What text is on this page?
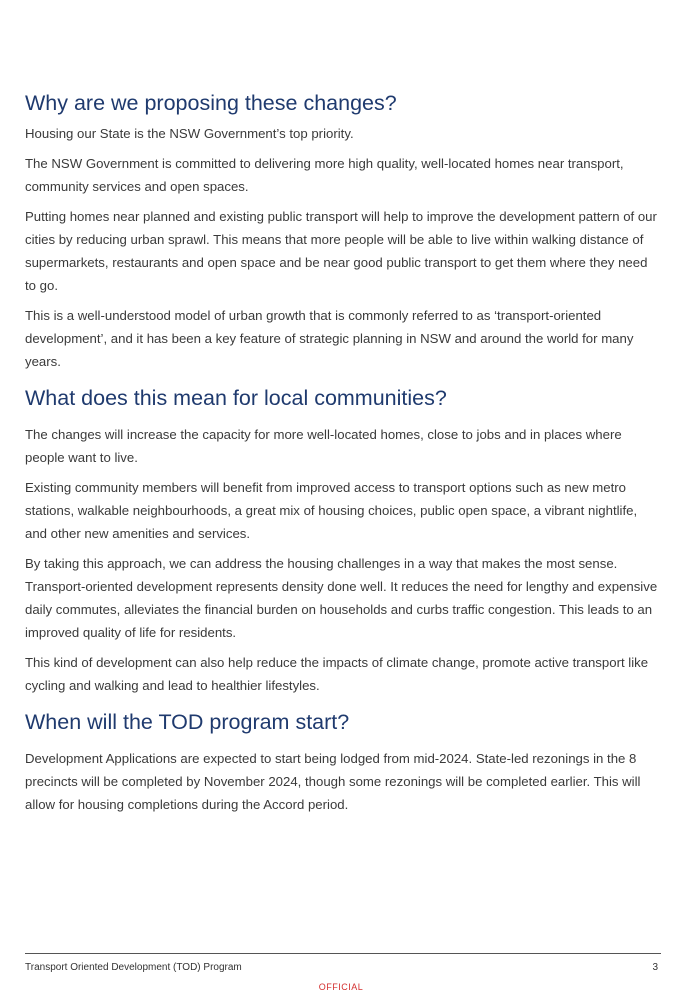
Why are we proposing these changes?

Housing our State is the NSW Government’s top priority.

The NSW Government is committed to delivering more high quality, well-located homes near transport, community services and open spaces.

Putting homes near planned and existing public transport will help to improve the development pattern of our cities by reducing urban sprawl. This means that more people will be able to live within walking distance of supermarkets, restaurants and open space and be near good public transport to get them where they need to go.

This is a well-understood model of urban growth that is commonly referred to as ‘transport-oriented development’, and it has been a key feature of strategic planning in NSW and around the world for many years.

What does this mean for local communities?

The changes will increase the capacity for more well-located homes, close to jobs and in places where people want to live.

Existing community members will benefit from improved access to transport options such as new metro stations, walkable neighbourhoods, a great mix of housing choices, public open space, a vibrant nightlife, and other new amenities and services.

By taking this approach, we can address the housing challenges in a way that makes the most sense. Transport-oriented development represents density done well. It reduces the need for lengthy and expensive daily commutes, alleviates the financial burden on households and curbs traffic congestion. This leads to an improved quality of life for residents.

This kind of development can also help reduce the impacts of climate change, promote active transport like cycling and walking and lead to healthier lifestyles.

When will the TOD program start?

Development Applications are expected to start being lodged from mid-2024. State-led rezonings in the 8 precincts will be completed by November 2024, though some rezonings will be completed earlier. This will allow for housing completions during the Accord period.

Transport Oriented Development (TOD) Program	3
OFFICIAL
